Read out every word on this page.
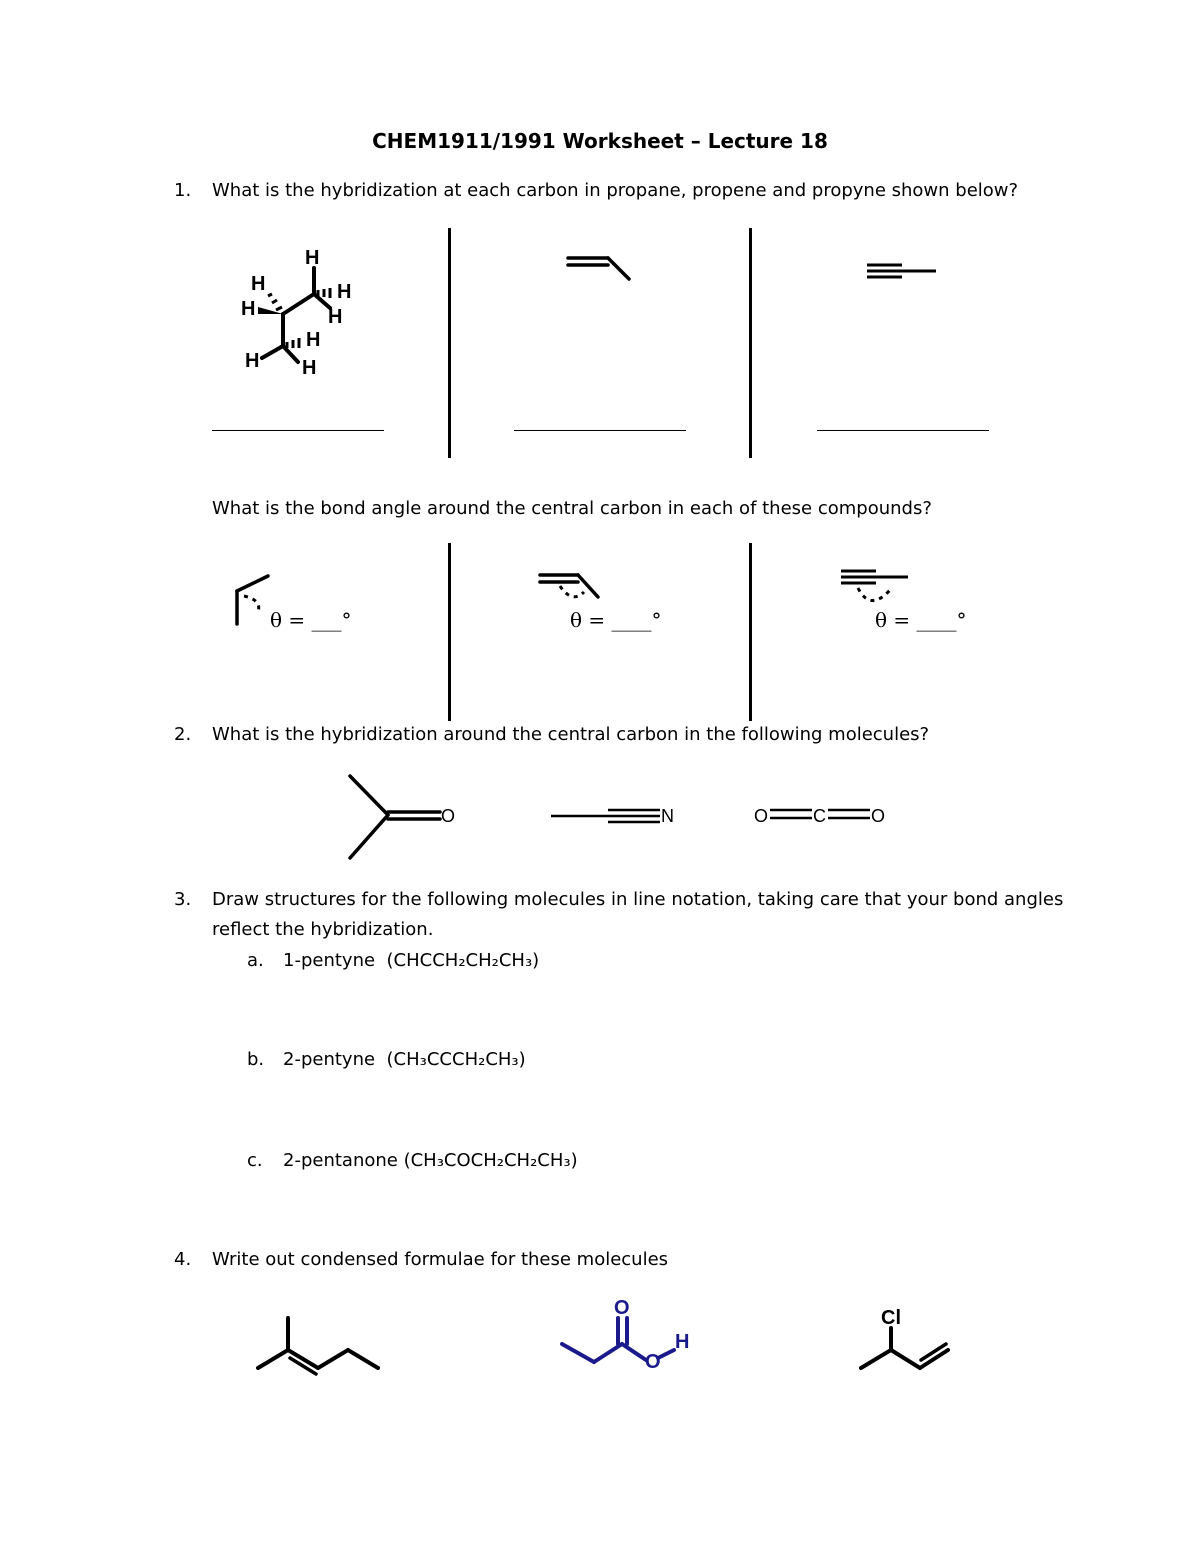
CHEM1911/1991 Worksheet – Lecture 18
1.	What is the hybridization at each carbon in propane, propene and propyne shown below?
H
H
H
H
H
H
H H
What is the bond angle around the central carbon in each of these compounds?
θ = ___°	θ = ____°	θ = ____°
2.	What is the hybridization around the central carbon in the following molecules?
O	N	O C	O
3.	Draw structures for the following molecules in line notation, taking care that your bond angles
reflect the hybridization.
a. 1-pentyne (CHCCH₂CH₂CH₃)
b. 2-pentyne (CH₃CCCH₂CH₃)
c. 2-pentanone (CH₃COCH₂CH₂CH₃)
4.	Write out condensed formulae for these molecules
O
O
H
Cl
